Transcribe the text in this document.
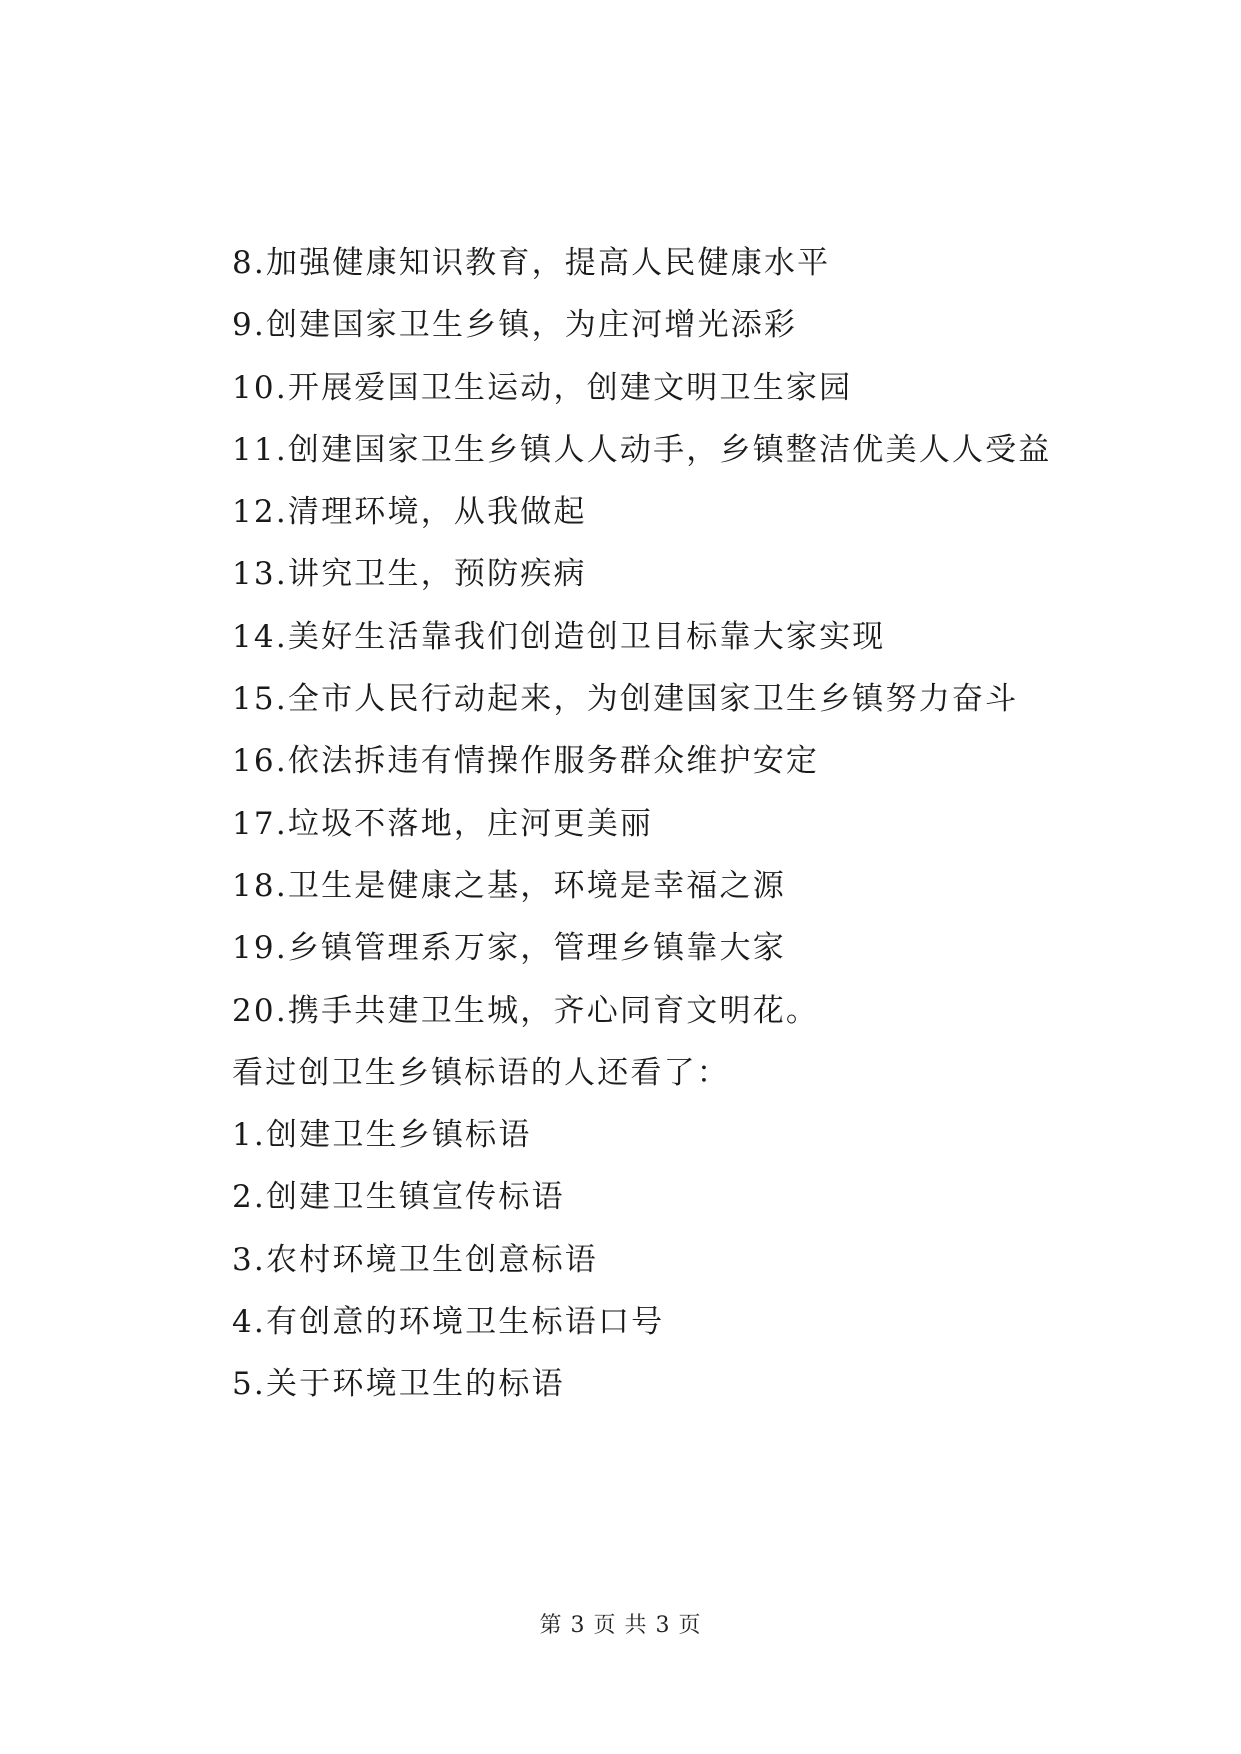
8.加强健康知识教育，提高人民健康水平
9.创建国家卫生乡镇，为庄河增光添彩
10.开展爱国卫生运动，创建文明卫生家园
11.创建国家卫生乡镇人人动手，乡镇整洁优美人人受益
12.清理环境，从我做起
13.讲究卫生，预防疾病
14.美好生活靠我们创造创卫目标靠大家实现
15.全市人民行动起来，为创建国家卫生乡镇努力奋斗
16.依法拆违有情操作服务群众维护安定
17.垃圾不落地，庄河更美丽
18.卫生是健康之基，环境是幸福之源
19.乡镇管理系万家，管理乡镇靠大家
20.携手共建卫生城，齐心同育文明花。
看过创卫生乡镇标语的人还看了：
1.创建卫生乡镇标语
2.创建卫生镇宣传标语
3.农村环境卫生创意标语
4.有创意的环境卫生标语口号
5.关于环境卫生的标语
第 3 页 共 3 页
